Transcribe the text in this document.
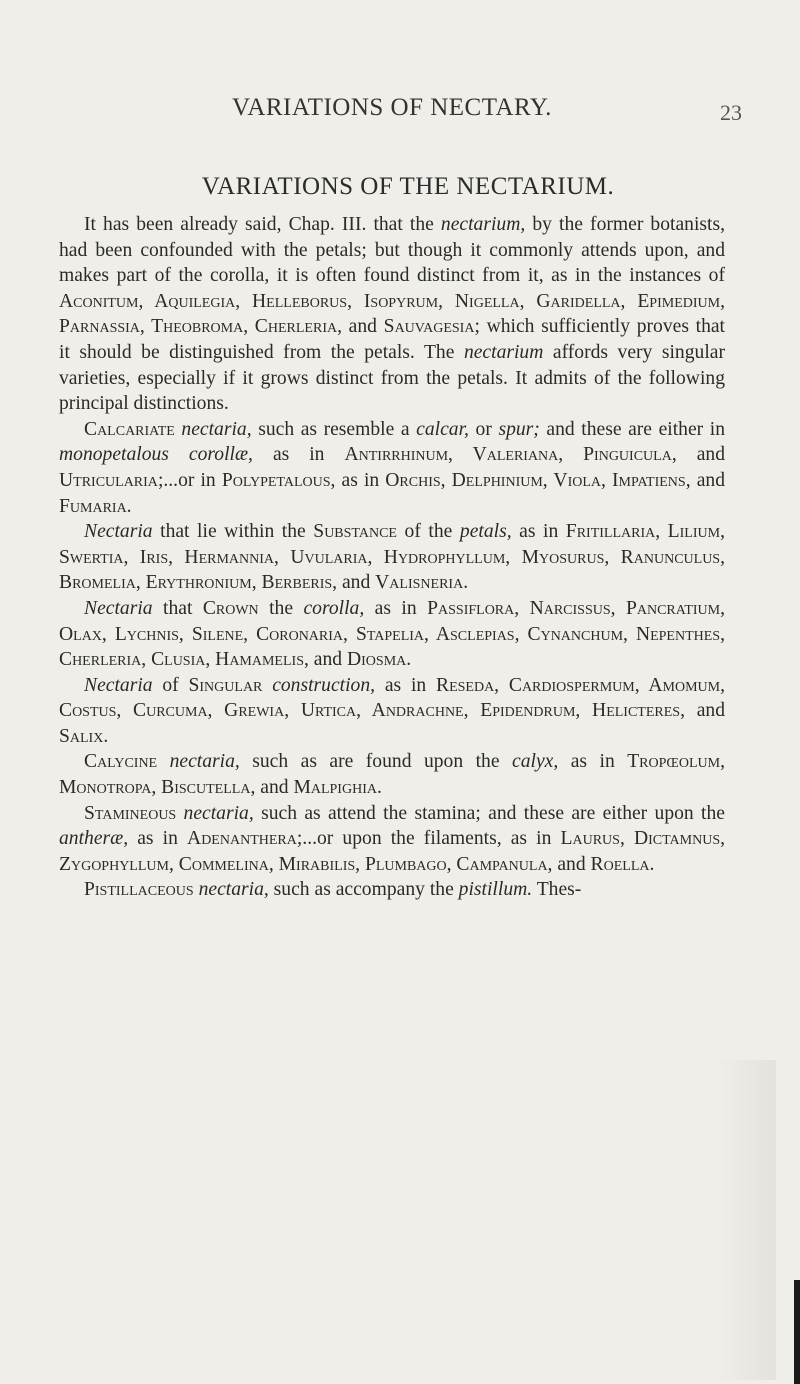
VARIATIONS OF NECTARY.	23
VARIATIONS OF THE NECTARIUM.

It has been already said, Chap. III. that the nectarium, by the former botanists, had been confounded with the petals; but though it commonly attends upon, and makes part of the corolla, it is often found distinct from it, as in the instances of Aconitum, Aquilegia, Helleborus, Isopyrum, Nigella, Garidella, Epimedium, Parnassia, Theobroma, Cherleria, and Sauvagesia; which sufficiently proves that it should be distinguished from the petals. The nectarium affords very singular varieties, especially if it grows distinct from the petals. It admits of the following principal distinctions.

Calcariate nectaria, such as resemble a calcar, or spur; and these are either in monopetalous corollæ, as in Antirrhinum, Valeriana, Pinguicula, and Utricularia;...or in Polypetalous, as in Orchis, Delphinium, Viola, Impatiens, and Fumaria.

Nectaria that lie within the Substance of the petals, as in Fritillaria, Lilium, Swertia, Iris, Hermannia, Uvularia, Hydrophyllum, Myosurus, Ranunculus, Bromelia, Erythronium, Berberis, and Valisneria.

Nectaria that Crown the corolla, as in Passiflora, Narcissus, Pancratium, Olax, Lychnis, Silene, Coronaria, Stapelia, Asclepias, Cynanchum, Nepenthes, Cherleria, Clusia, Hamamelis, and Diosma.

Nectaria of Singular construction, as in Reseda, Cardiospermum, Amomum, Costus, Curcuma, Grewia, Urtica, Andrachne, Epidendrum, Helicteres, and Salix.

Calycine nectaria, such as are found upon the calyx, as in Tropœolum, Monotropa, Biscutella, and Malpighia.

Stamineous nectaria, such as attend the stamina; and these are either upon the antheræ, as in Adenanthera;...or upon the filaments, as in Laurus, Dictamnus, Zygophyllum, Commelina, Mirabilis, Plumbago, Campanula, and Roella.

Pistillaceous nectaria, such as accompany the pistillum. Thes-
